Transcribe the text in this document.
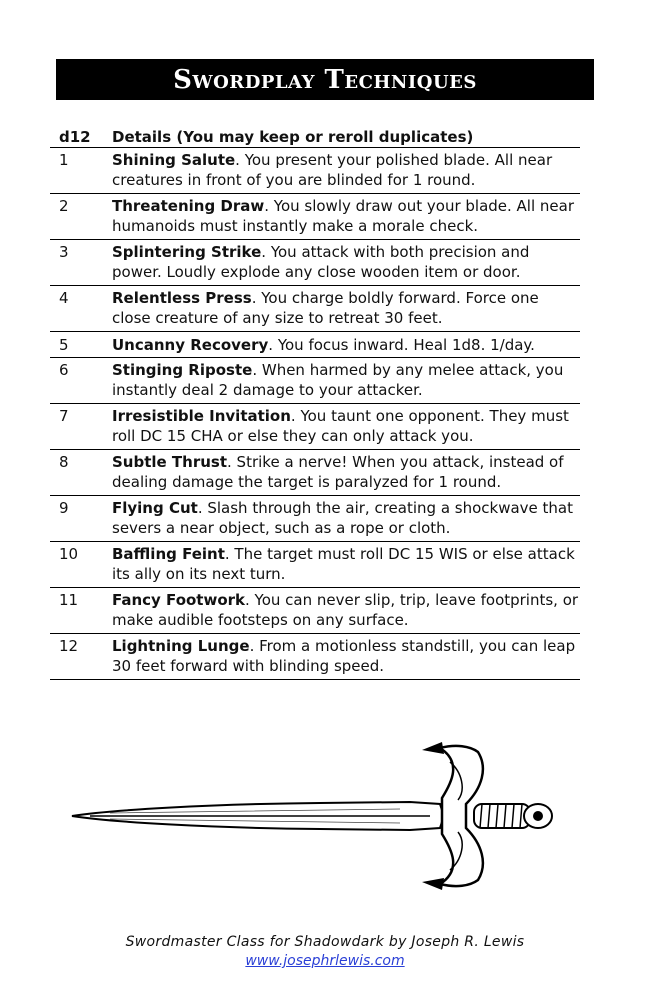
Swordplay Techniques
d12	Details (You may keep or reroll duplicates)
1	Shining Salute. You present your polished blade. All near creatures in front of you are blinded for 1 round.
2	Threatening Draw. You slowly draw out your blade. All near humanoids must instantly make a morale check.
3	Splintering Strike. You attack with both precision and power. Loudly explode any close wooden item or door.
4	Relentless Press. You charge boldly forward. Force one close creature of any size to retreat 30 feet.
5	Uncanny Recovery. You focus inward. Heal 1d8. 1/day.
6	Stinging Riposte. When harmed by any melee attack, you instantly deal 2 damage to your attacker.
7	Irresistible Invitation. You taunt one opponent. They must roll DC 15 CHA or else they can only attack you.
8	Subtle Thrust. Strike a nerve! When you attack, instead of dealing damage the target is paralyzed for 1 round.
9	Flying Cut. Slash through the air, creating a shockwave that severs a near object, such as a rope or cloth.
10	Baffling Feint. The target must roll DC 15 WIS or else attack its ally on its next turn.
11	Fancy Footwork. You can never slip, trip, leave footprints, or make audible footsteps on any surface.
12	Lightning Lunge. From a motionless standstill, you can leap 30 feet forward with blinding speed.
Swordmaster Class for Shadowdark by Joseph R. Lewis
www.josephrlewis.com
